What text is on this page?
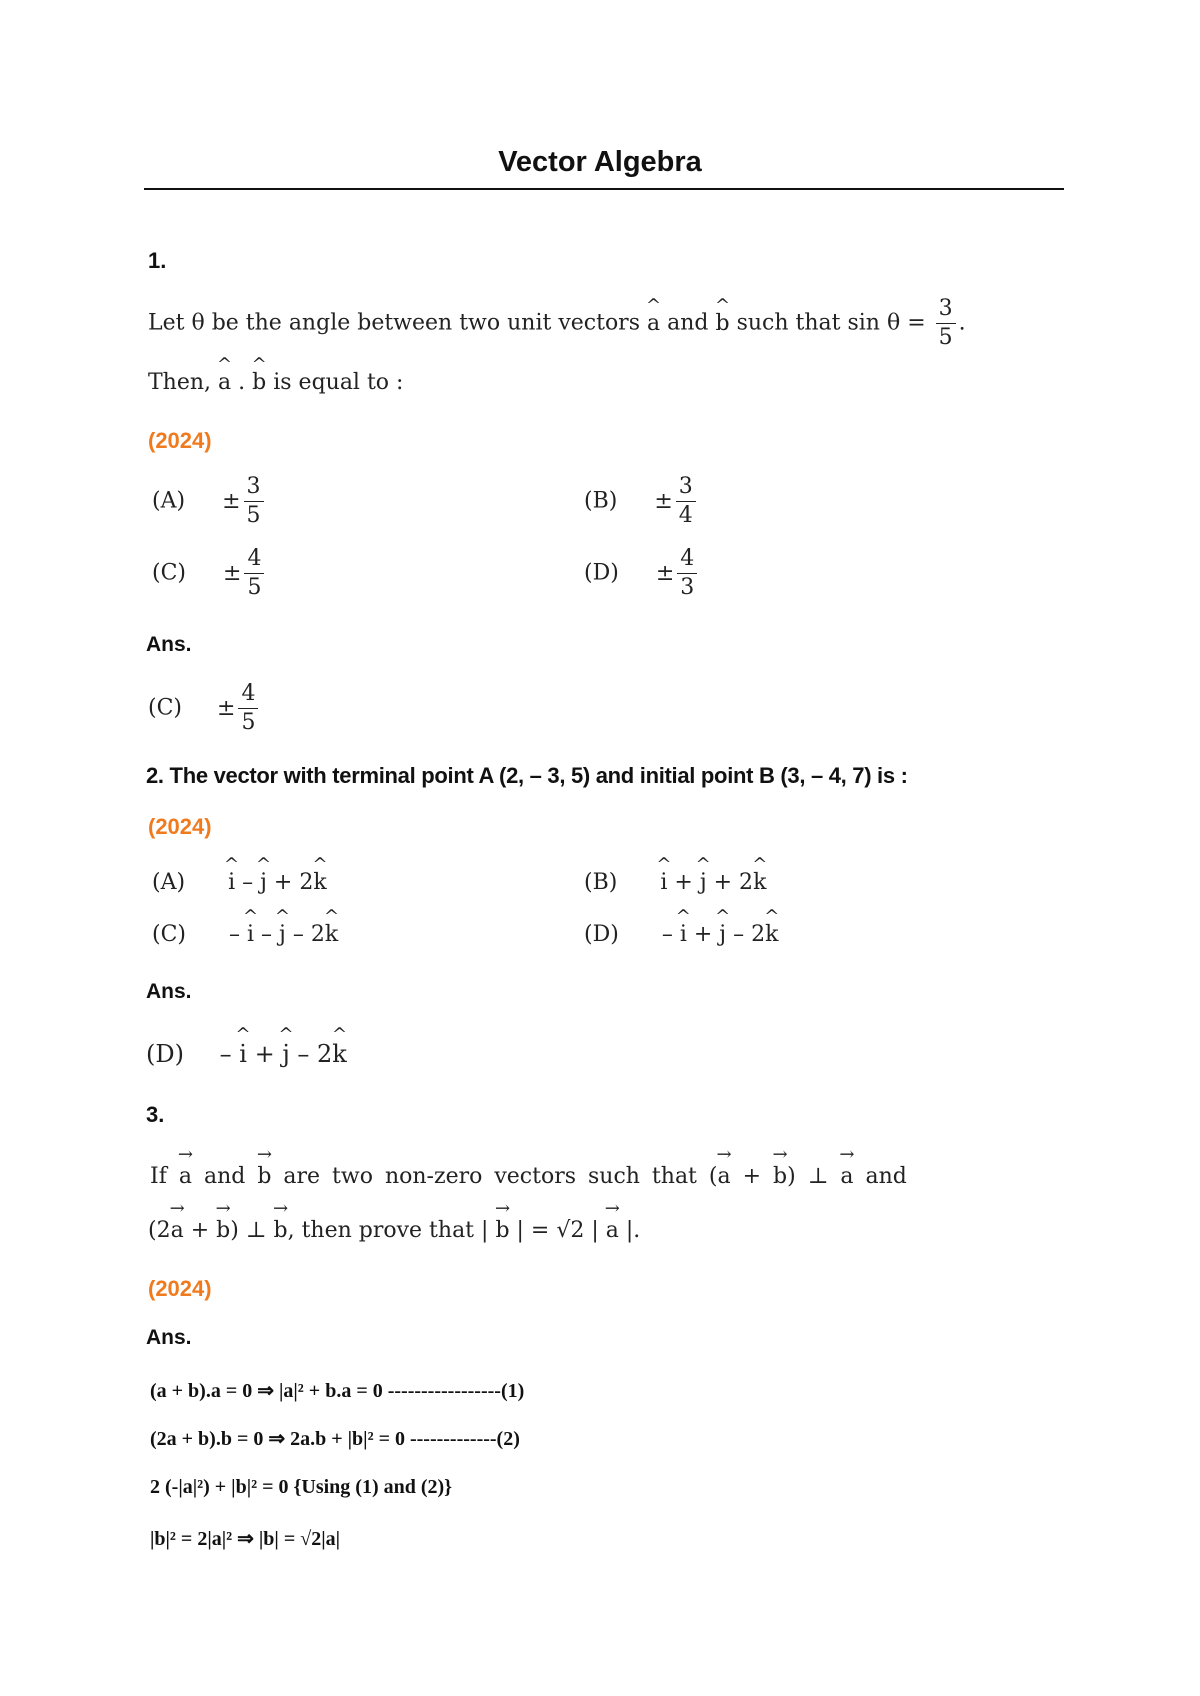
Vector Algebra
1.
Let θ be the angle between two unit vectors ^ a and ^ b such that $\sin \theta = \frac{3}{5}$ .
Then, ^ a . ^ b is equal to :
(2024)
$(A) \pm \frac{3}{5}$	$(B) \pm \frac{3}{4}$
$(C) \pm \frac{4}{5}$	$(D) \pm \frac{4}{3}$
Ans.
$(C) \pm \frac{4}{5}$
2. The vector with terminal point A (2, – 3, 5) and initial point B (3, – 4, 7) is :
(2024)
(A) ^ i – ^ j + 2^ k	(B) ^ i + ^ j + 2^ k
(C) – ^ i – ^ j – 2^ k	(D) – ^ i + ^ j – 2^ k
Ans.
(D) – ^ i + ^ j – 2^ k
3.
If → a and → b are two non-zero vectors such that (→ a + → b) ⊥ → a and
(2→ a + → b) ⊥ → b, then prove that | → b | = √2 | → a |.
(2024)
Ans.
(a + b).a = 0 ⇒ |a|² + b.a = 0 -----------------(1)
(2a + b).b = 0 ⇒ 2a.b + |b|² = 0 -------------(2)
2 (-|a|²) + |b|² = 0 {Using (1) and (2)}
|b|² = 2|a|² ⇒ |b| = √2|a|
